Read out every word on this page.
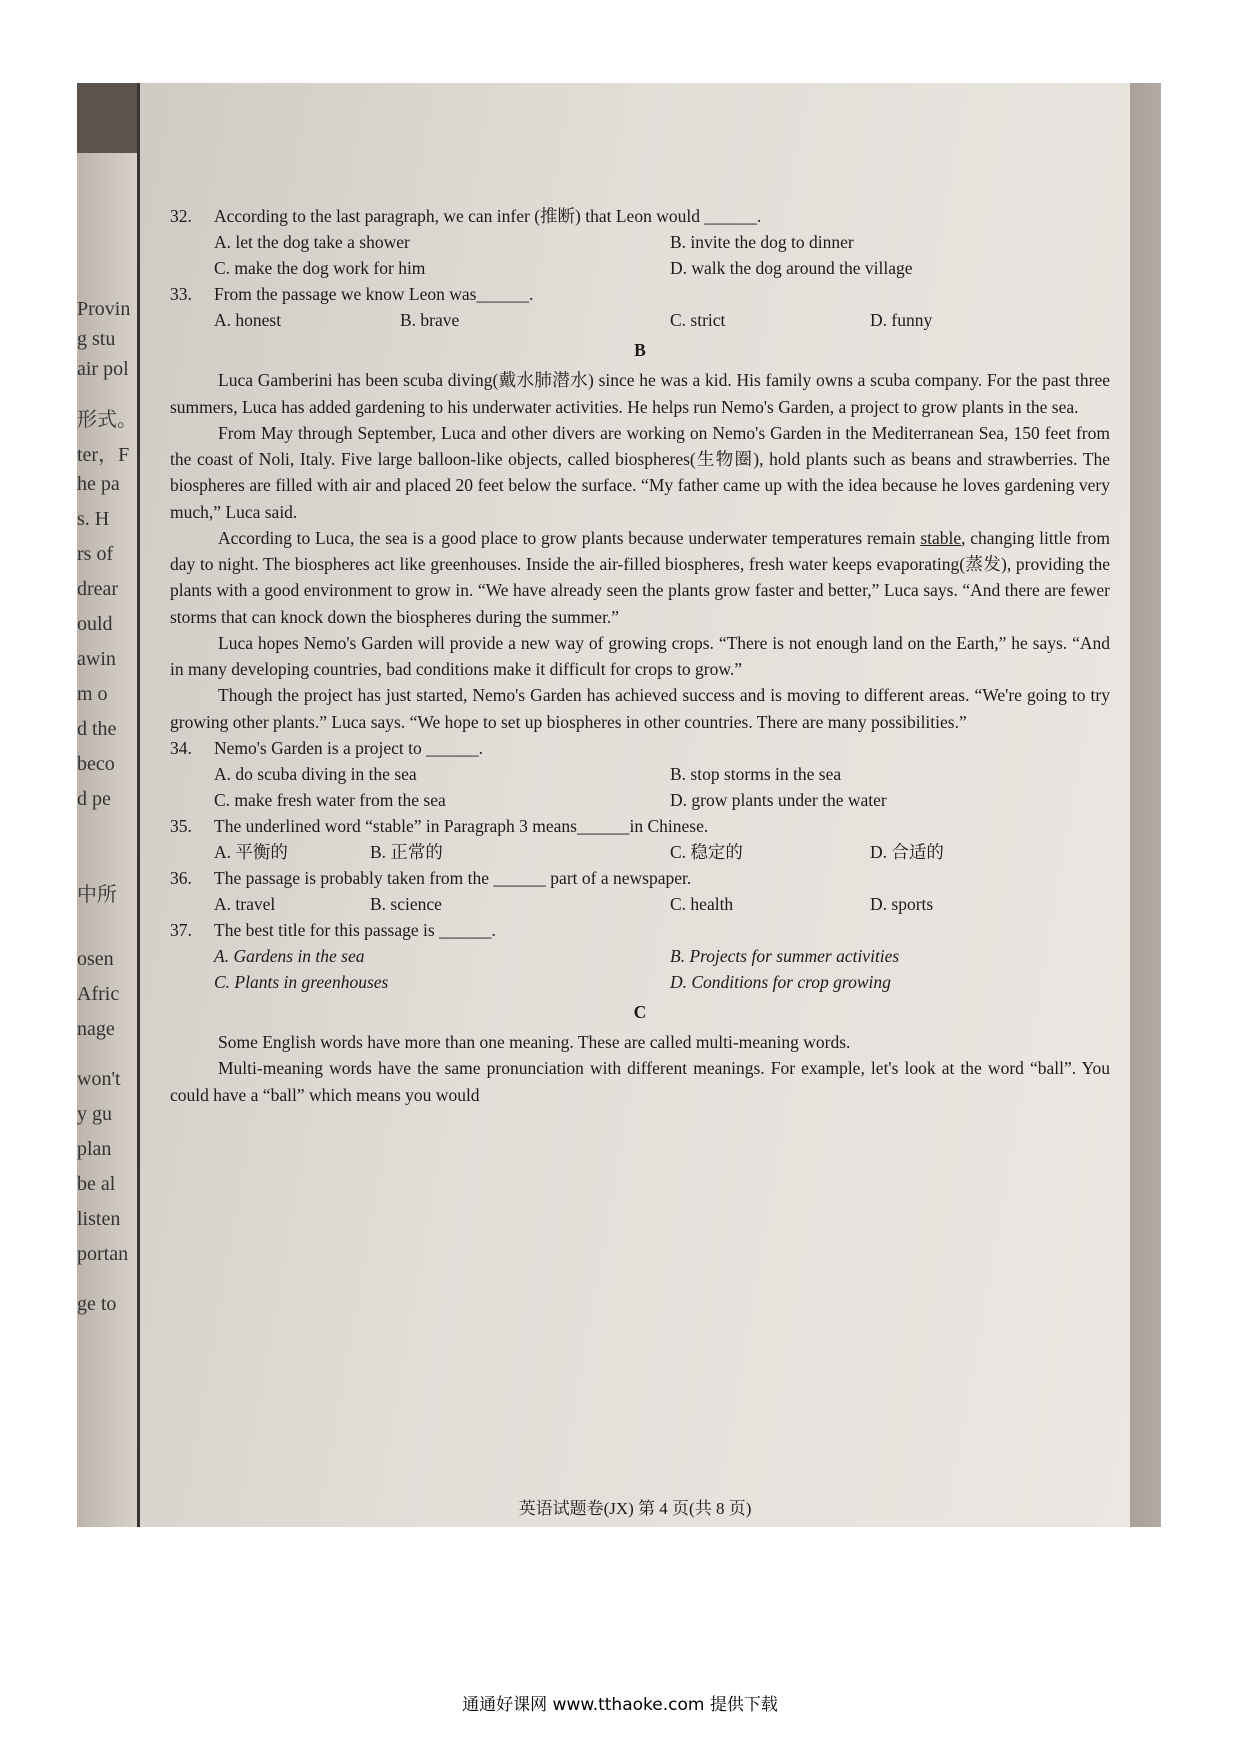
Provin
g stu
air pol
形式。
ter，F
he pa
s. H
rs of
drear
ould
awin
m o
d the
beco
d pe
中所
osen
Afric
nage
won't
y gu
plan
be al
listen
portan
ge to
32. According to the last paragraph, we can infer (推断) that Leon would ______.
A. let the dog take a shower	B. invite the dog to dinner
C. make the dog work for him	D. walk the dog around the village
33. From the passage we know Leon was______.
A. honest	B. brave	C. strict	D. funny
B

Luca Gamberini has been scuba diving(戴水肺潜水) since he was a kid. His family owns a scuba company. For the past three summers, Luca has added gardening to his underwater activities. He helps run Nemo's Garden, a project to grow plants in the sea.

From May through September, Luca and other divers are working on Nemo's Garden in the Mediterranean Sea, 150 feet from the coast of Noli, Italy. Five large balloon-like objects, called biospheres(生物圈), hold plants such as beans and strawberries. The biospheres are filled with air and placed 20 feet below the surface. “My father came up with the idea because he loves gardening very much,” Luca said.

According to Luca, the sea is a good place to grow plants because underwater temperatures remain stable, changing little from day to night. The biospheres act like greenhouses. Inside the air-filled biospheres, fresh water keeps evaporating(蒸发), providing the plants with a good environment to grow in. “We have already seen the plants grow faster and better,” Luca says. “And there are fewer storms that can knock down the biospheres during the summer.”

Luca hopes Nemo's Garden will provide a new way of growing crops. “There is not enough land on the Earth,” he says. “And in many developing countries, bad conditions make it difficult for crops to grow.”

Though the project has just started, Nemo's Garden has achieved success and is moving to different areas. “We're going to try growing other plants.” Luca says. “We hope to set up biospheres in other countries. There are many possibilities.”

34. Nemo's Garden is a project to ______.
A. do scuba diving in the sea	B. stop storms in the sea
C. make fresh water from the sea	D. grow plants under the water
35. The underlined word “stable” in Paragraph 3 means______in Chinese.
A. 平衡的	B. 正常的	C. 稳定的	D. 合适的
36. The passage is probably taken from the ______ part of a newspaper.
A. travel	B. science	C. health	D. sports
37. The best title for this passage is ______.
A. Gardens in the sea	B. Projects for summer activities
C. Plants in greenhouses	D. Conditions for crop growing
C

Some English words have more than one meaning. These are called multi-meaning words.

Multi-meaning words have the same pronunciation with different meanings. For example, let's look at the word “ball”. You could have a “ball” which means you would

英语试题卷(JX) 第 4 页(共 8 页)
通通好课网 www.tthaoke.com 提供下载
